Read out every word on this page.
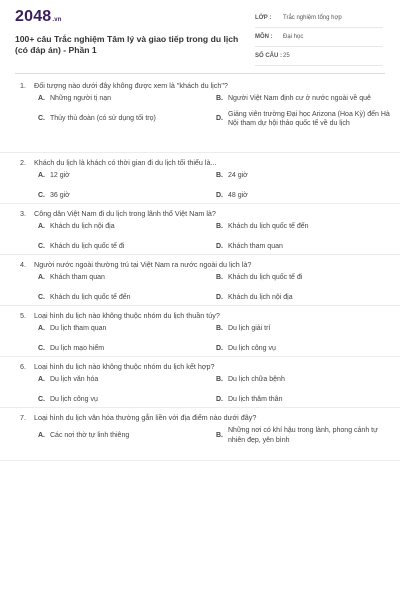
2048.vn
100+ câu Trắc nghiệm Tâm lý và giao tiếp trong du lịch (có đáp án) - Phần 1
LỚP : Trắc nghiệm tổng hợp
MÔN : Đại học
SỐ CÂU : 25
1. Đối tượng nào dưới đây không được xem là "khách du lịch"?
A. Những người tị nạn	B. Người Việt Nam định cư ở nước ngoài về quê
C. Thủy thủ đoàn (có sử dụng tối trọ)	D.
Giảng viên trường Đại học Arizona (Hoa Kỳ) đến Hà Nội tham dự hội thảo quốc tế về du lịch
2. Khách du lịch là khách có thời gian đi du lịch tối thiểu là...
A. 12 giờ	B. 24 giờ
C. 36 giờ	D. 48 giờ
3. Công dân Việt Nam đi du lịch trong lãnh thổ Việt Nam là?
A. Khách du lịch nội địa	B. Khách du lịch quốc tế đến
C. Khách du lịch quốc tế đi	D. Khách tham quan
4. Người nước ngoài thường trú tại Việt Nam ra nước ngoài du lịch là?
A. Khách tham quan	B. Khách du lịch quốc tế đi
C. Khách du lịch quốc tế đến	D. Khách du lịch nội địa
5. Loại hình du lịch nào không thuộc nhóm du lịch thuần túy?
A. Du lịch tham quan	B. Du lịch giải trí
C. Du lịch mạo hiểm	D. Du lịch công vụ
6. Loại hình du lịch nào không thuộc nhóm du lịch kết hợp?
A. Du lịch văn hóa	B. Du lịch chữa bệnh
C. Du lịch công vụ	D. Du lịch thăm thân
7. Loại hình du lịch văn hóa thường gắn liền với địa điểm nào dưới đây?
A. Các nơi thờ tự linh thiêng	B.
Những nơi có khí hậu trong lành, phong cảnh tự nhiên đẹp, yên bình
